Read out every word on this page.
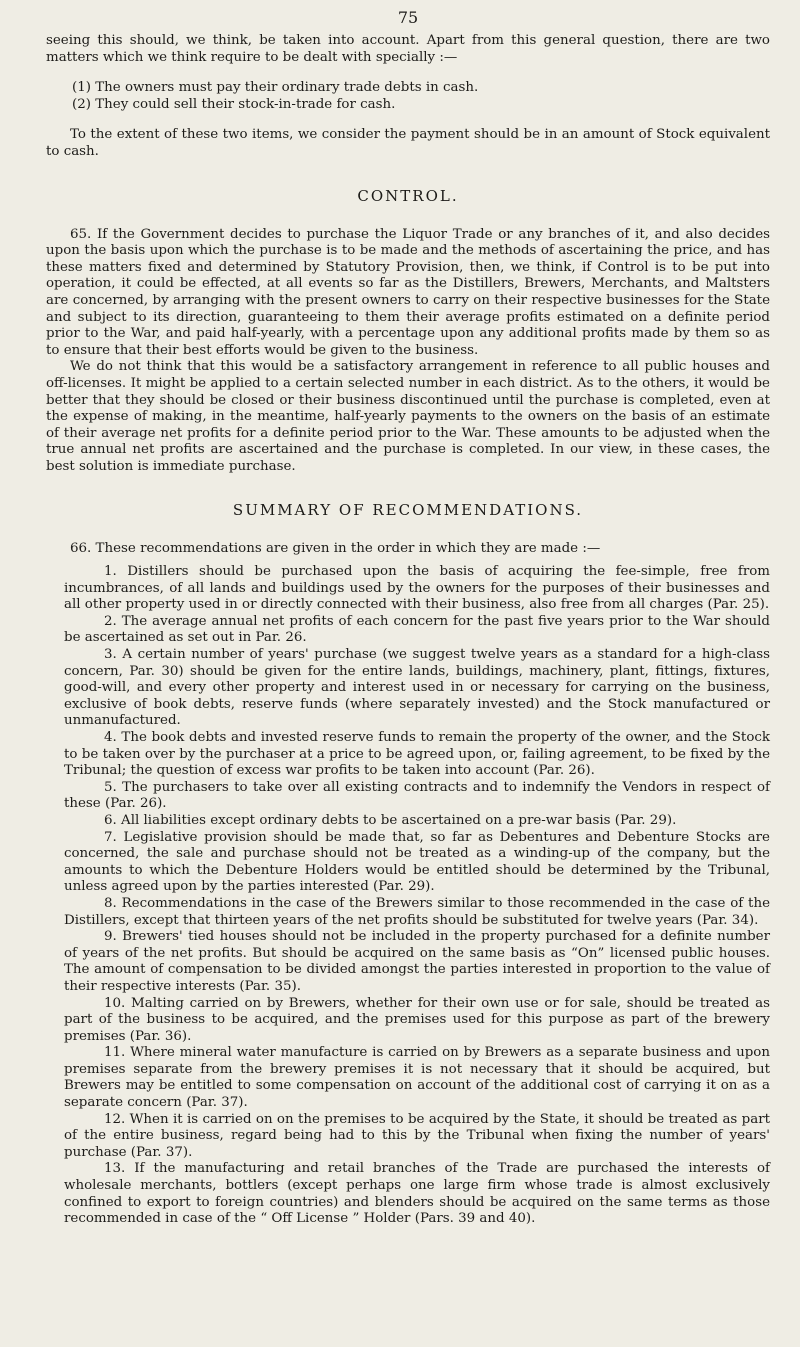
75

seeing this should, we think, be taken into account. Apart from this general question, there are two matters which we think require to be dealt with specially :—

(1) The owners must pay their ordinary trade debts in cash.
(2) They could sell their stock-in-trade for cash.

To the extent of these two items, we consider the payment should be in an amount of Stock equivalent to cash.

CONTROL.

65. If the Government decides to purchase the Liquor Trade or any branches of it, and also decides upon the basis upon which the purchase is to be made and the methods of ascertaining the price, and has these matters fixed and determined by Statutory Provision, then, we think, if Control is to be put into operation, it could be effected, at all events so far as the Distillers, Brewers, Merchants, and Maltsters are concerned, by arranging with the present owners to carry on their respective businesses for the State and subject to its direction, guaranteeing to them their average profits estimated on a definite period prior to the War, and paid half-yearly, with a percentage upon any additional profits made by them so as to ensure that their best efforts would be given to the business.

We do not think that this would be a satisfactory arrangement in reference to all public houses and off-licenses. It might be applied to a certain selected number in each district. As to the others, it would be better that they should be closed or their business discontinued until the purchase is completed, even at the expense of making, in the meantime, half-yearly payments to the owners on the basis of an estimate of their average net profits for a definite period prior to the War. These amounts to be adjusted when the true annual net profits are ascertained and the purchase is completed. In our view, in these cases, the best solution is immediate purchase.

SUMMARY OF RECOMMENDATIONS.

66. These recommendations are given in the order in which they are made :—

1. Distillers should be purchased upon the basis of acquiring the fee-simple, free from incumbrances, of all lands and buildings used by the owners for the purposes of their businesses and all other property used in or directly connected with their business, also free from all charges (Par. 25).

2. The average annual net profits of each concern for the past five years prior to the War should be ascertained as set out in Par. 26.

3. A certain number of years' purchase (we suggest twelve years as a standard for a high-class concern, Par. 30) should be given for the entire lands, buildings, machinery, plant, fittings, fixtures, good-will, and every other property and interest used in or necessary for carrying on the business, exclusive of book debts, reserve funds (where separately invested) and the Stock manufactured or unmanufactured.

4. The book debts and invested reserve funds to remain the property of the owner, and the Stock to be taken over by the purchaser at a price to be agreed upon, or, failing agreement, to be fixed by the Tribunal; the question of excess war profits to be taken into account (Par. 26).

5. The purchasers to take over all existing contracts and to indemnify the Vendors in respect of these (Par. 26).

6. All liabilities except ordinary debts to be ascertained on a pre-war basis (Par. 29).

7. Legislative provision should be made that, so far as Debentures and Debenture Stocks are concerned, the sale and purchase should not be treated as a winding-up of the company, but the amounts to which the Debenture Holders would be entitled should be determined by the Tribunal, unless agreed upon by the parties interested (Par. 29).

8. Recommendations in the case of the Brewers similar to those recommended in the case of the Distillers, except that thirteen years of the net profits should be substituted for twelve years (Par. 34).

9. Brewers' tied houses should not be included in the property purchased for a definite number of years of the net profits. But should be acquired on the same basis as “On” licensed public houses. The amount of compensation to be divided amongst the parties interested in proportion to the value of their respective interests (Par. 35).

10. Malting carried on by Brewers, whether for their own use or for sale, should be treated as part of the business to be acquired, and the premises used for this purpose as part of the brewery premises (Par. 36).

11. Where mineral water manufacture is carried on by Brewers as a separate business and upon premises separate from the brewery premises it is not necessary that it should be acquired, but Brewers may be entitled to some compensation on account of the additional cost of carrying it on as a separate concern (Par. 37).

12. When it is carried on on the premises to be acquired by the State, it should be treated as part of the entire business, regard being had to this by the Tribunal when fixing the number of years' purchase (Par. 37).

13. If the manufacturing and retail branches of the Trade are purchased the interests of wholesale merchants, bottlers (except perhaps one large firm whose trade is almost exclusively confined to export to foreign countries) and blenders should be acquired on the same terms as those recommended in case of the “ Off License ” Holder (Pars. 39 and 40).
